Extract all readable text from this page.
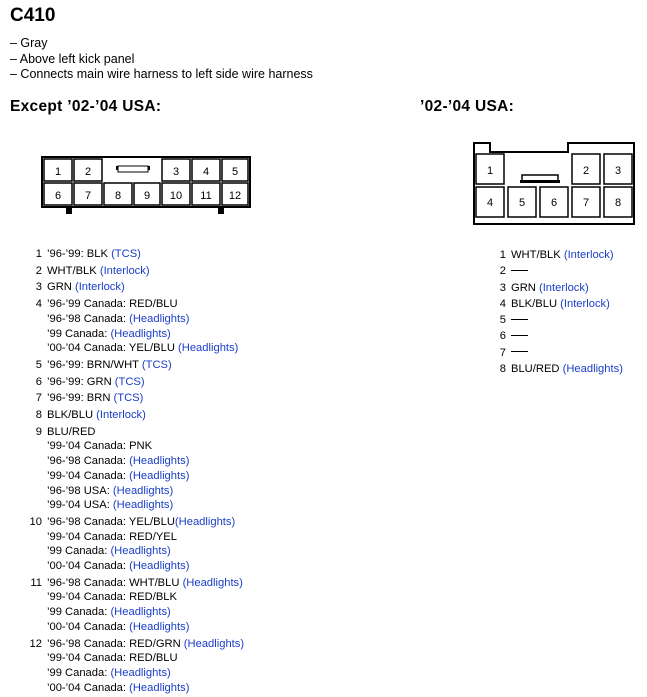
C410
– Gray
– Above left kick panel
– Connects main wire harness to left side wire harness
Except ’02-’04 USA:	’02-’04 USA:
1 2	3 4 5
6 7 8 9 10 11 12
1	2 3
4 5 6 7 8
1 ’96-’99: BLK (TCS)
2 WHT/BLK (Interlock)
3 GRN (Interlock)
4 ’96-’99 Canada: RED/BLU
’96-’98 Canada: (Headlights)
’99 Canada: (Headlights)
’00-’04 Canada: YEL/BLU (Headlights)
5 ’96-’99: BRN/WHT (TCS)
6 ’96-’99: GRN (TCS)
7 ’96-’99: BRN (TCS)
8 BLK/BLU (Interlock)
9 BLU/RED
’99-’04 Canada: PNK
’96-’98 Canada: (Headlights)
’99-’04 Canada: (Headlights)
’96-’98 USA: (Headlights)
’99-’04 USA: (Headlights)
10 ’96-’98 Canada: YEL/BLU(Headlights)
’99-’04 Canada: RED/YEL
’99 Canada: (Headlights)
’00-’04 Canada: (Headlights)
11 ’96-’98 Canada: WHT/BLU (Headlights)
’99-’04 Canada: RED/BLK
’99 Canada: (Headlights)
’00-’04 Canada: (Headlights)
12 ’96-’98 Canada: RED/GRN (Headlights)
’99-’04 Canada: RED/BLU
’99 Canada: (Headlights)
’00-’04 Canada: (Headlights)
1 WHT/BLK (Interlock)
2
3 GRN (Interlock)
4 BLK/BLU (Interlock)
5
6
7
8 BLU/RED (Headlights)
